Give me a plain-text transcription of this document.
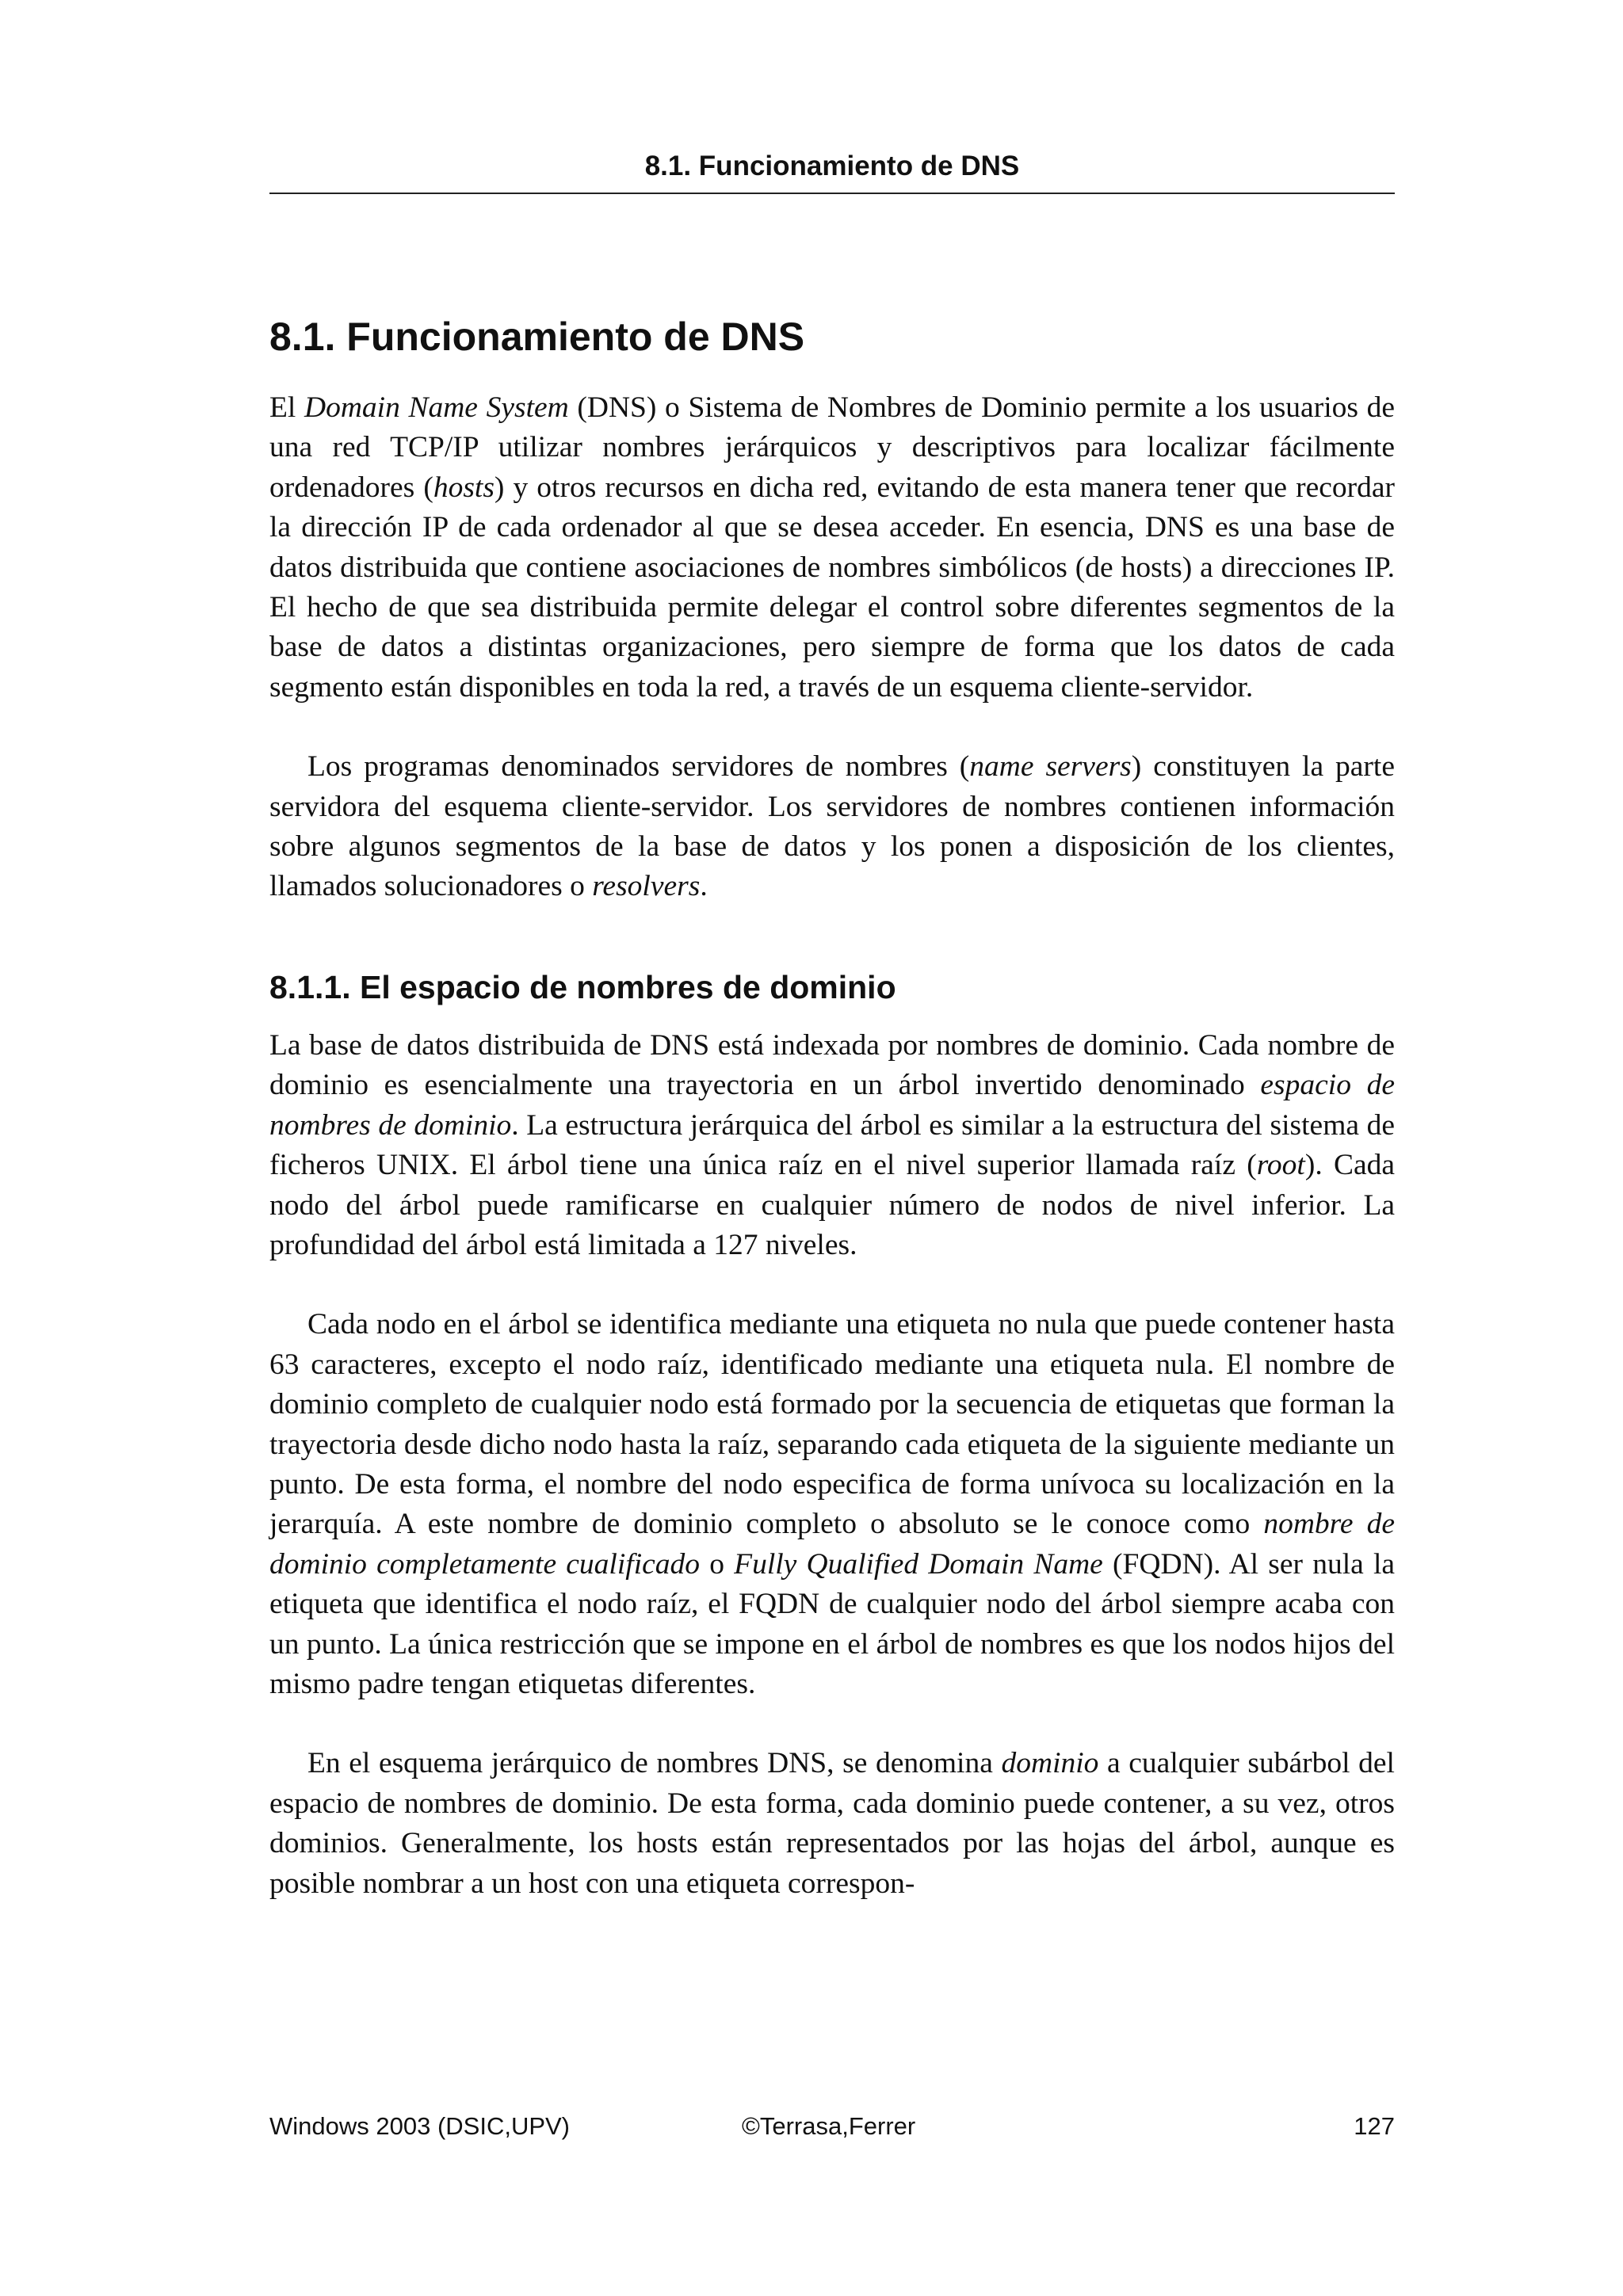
8.1. Funcionamiento de DNS
8.1. Funcionamiento de DNS

El Domain Name System (DNS) o Sistema de Nombres de Dominio permite a los usuarios de una red TCP/IP utilizar nombres jerárquicos y descriptivos para localizar fácilmente ordenadores (hosts) y otros recursos en dicha red, evitando de esta manera tener que recordar la dirección IP de cada ordenador al que se desea acceder. En esencia, DNS es una base de datos distribuida que contiene asociaciones de nombres simbólicos (de hosts) a direcciones IP. El hecho de que sea distribuida permite delegar el control sobre diferentes segmentos de la base de datos a distintas organizaciones, pero siempre de forma que los datos de cada segmento están disponibles en toda la red, a través de un esquema cliente-servidor.

Los programas denominados servidores de nombres (name servers) constituyen la parte servidora del esquema cliente-servidor. Los servidores de nombres contienen información sobre algunos segmentos de la base de datos y los ponen a disposición de los clientes, llamados solucionadores o resolvers.

8.1.1. El espacio de nombres de dominio

La base de datos distribuida de DNS está indexada por nombres de dominio. Cada nombre de dominio es esencialmente una trayectoria en un árbol invertido denominado espacio de nombres de dominio. La estructura jerárquica del árbol es similar a la estructura del sistema de ficheros UNIX. El árbol tiene una única raíz en el nivel superior llamada raíz (root). Cada nodo del árbol puede ramificarse en cualquier número de nodos de nivel inferior. La profundidad del árbol está limitada a 127 niveles.

Cada nodo en el árbol se identifica mediante una etiqueta no nula que puede contener hasta 63 caracteres, excepto el nodo raíz, identificado mediante una etiqueta nula. El nombre de dominio completo de cualquier nodo está formado por la secuencia de etiquetas que forman la trayectoria desde dicho nodo hasta la raíz, separando cada etiqueta de la siguiente mediante un punto. De esta forma, el nombre del nodo especifica de forma unívoca su localización en la jerarquía. A este nombre de dominio completo o absoluto se le conoce como nombre de dominio completamente cualificado o Fully Qualified Domain Name (FQDN). Al ser nula la etiqueta que identifica el nodo raíz, el FQDN de cualquier nodo del árbol siempre acaba con un punto. La única restricción que se impone en el árbol de nombres es que los nodos hijos del mismo padre tengan etiquetas diferentes.

En el esquema jerárquico de nombres DNS, se denomina dominio a cualquier subárbol del espacio de nombres de dominio. De esta forma, cada dominio puede contener, a su vez, otros dominios. Generalmente, los hosts están representados por las hojas del árbol, aunque es posible nombrar a un host con una etiqueta correspon-

Windows 2003 (DSIC,UPV)	©Terrasa,Ferrer	127
